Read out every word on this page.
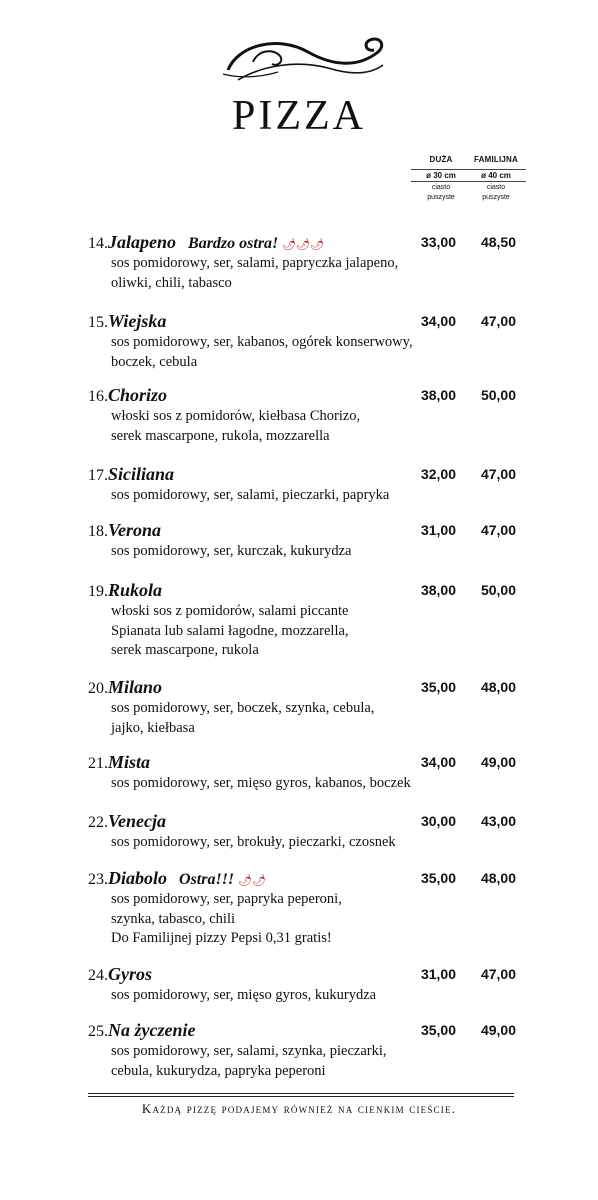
PIZZA
DUŻA
ø 30 cm
ciasto
puszyste
FAMILIJNA
ø 40 cm
ciasto
puszyste
14.Jalapeno Bardzo ostra! 🌶🌶🌶	33,00	48,50
sos pomidorowy, ser, salami, papryczka jalapeno,
oliwki, chili, tabasco
15.Wiejska	34,00	47,00
sos pomidorowy, ser, kabanos, ogórek konserwowy,
boczek, cebula
16.Chorizo	38,00	50,00
włoski sos z pomidorów, kiełbasa Chorizo,
serek mascarpone, rukola, mozzarella
17.Siciliana	32,00	47,00
sos pomidorowy, ser, salami, pieczarki, papryka
18.Verona	31,00	47,00
sos pomidorowy, ser, kurczak, kukurydza
19.Rukola	38,00	50,00
włoski sos z pomidorów, salami piccante
Spianata lub salami łagodne, mozzarella,
serek mascarpone, rukola
20.Milano	35,00	48,00
sos pomidorowy, ser, boczek, szynka, cebula,
jajko, kiełbasa
21.Mista	34,00	49,00
sos pomidorowy, ser, mięso gyros, kabanos, boczek
22.Venecja	30,00	43,00
sos pomidorowy, ser, brokuły, pieczarki, czosnek
23.Diabolo Ostra!!! 🌶🌶	35,00	48,00
sos pomidorowy, ser, papryka peperoni,
szynka, tabasco, chili
Do Familijnej pizzy Pepsi 0,31 gratis!
24.Gyros	31,00	47,00
sos pomidorowy, ser, mięso gyros, kukurydza
25.Na życzenie	35,00	49,00
sos pomidorowy, ser, salami, szynka, pieczarki,
cebula, kukurydza, papryka peperoni
Każdą pizzę podajemy również na cienkim cieście.
